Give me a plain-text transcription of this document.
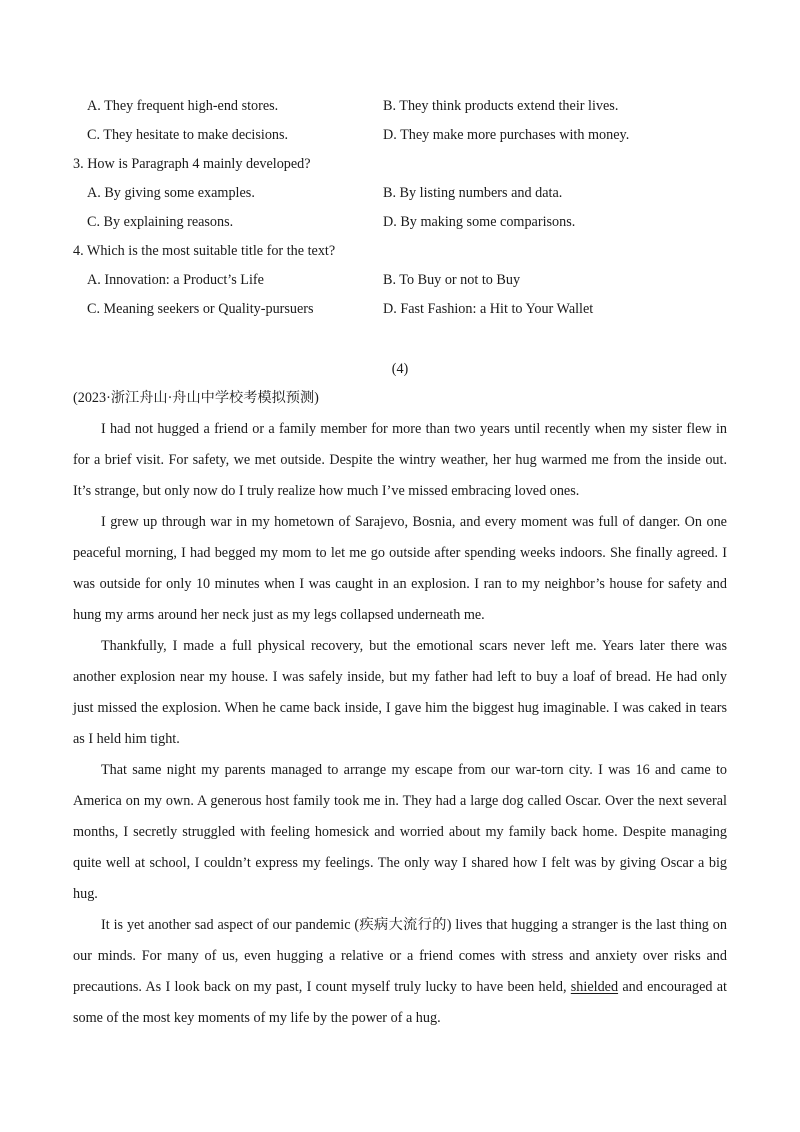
A. They frequent high-end stores.	B. They think products extend their lives.
C. They hesitate to make decisions.	D. They make more purchases with money.
3. How is Paragraph 4 mainly developed?
A. By giving some examples.	B. By listing numbers and data.
C. By explaining reasons.	D. By making some comparisons.
4. Which is the most suitable title for the text?
A. Innovation: a Product’s Life	B. To Buy or not to Buy
C. Meaning seekers or Quality-pursuers	D. Fast Fashion: a Hit to Your Wallet
(4)
(2023·浙江舟山·舟山中学校考模拟预测)

I had not hugged a friend or a family member for more than two years until recently when my sister flew in for a brief visit. For safety, we met outside. Despite the wintry weather, her hug warmed me from the inside out. It’s strange, but only now do I truly realize how much I’ve missed embracing loved ones.

I grew up through war in my hometown of Sarajevo, Bosnia, and every moment was full of danger. On one peaceful morning, I had begged my mom to let me go outside after spending weeks indoors. She finally agreed. I was outside for only 10 minutes when I was caught in an explosion. I ran to my neighbor’s house for safety and hung my arms around her neck just as my legs collapsed underneath me.

Thankfully, I made a full physical recovery, but the emotional scars never left me. Years later there was another explosion near my house. I was safely inside, but my father had left to buy a loaf of bread. He had only just missed the explosion. When he came back inside, I gave him the biggest hug imaginable. I was caked in tears as I held him tight.

That same night my parents managed to arrange my escape from our war-torn city. I was 16 and came to America on my own. A generous host family took me in. They had a large dog called Oscar. Over the next several months, I secretly struggled with feeling homesick and worried about my family back home. Despite managing quite well at school, I couldn’t express my feelings. The only way I shared how I felt was by giving Oscar a big hug.

It is yet another sad aspect of our pandemic (疾病大流行的) lives that hugging a stranger is the last thing on our minds. For many of us, even hugging a relative or a friend comes with stress and anxiety over risks and precautions. As I look back on my past, I count myself truly lucky to have been held, shielded and encouraged at some of the most key moments of my life by the power of a hug.
